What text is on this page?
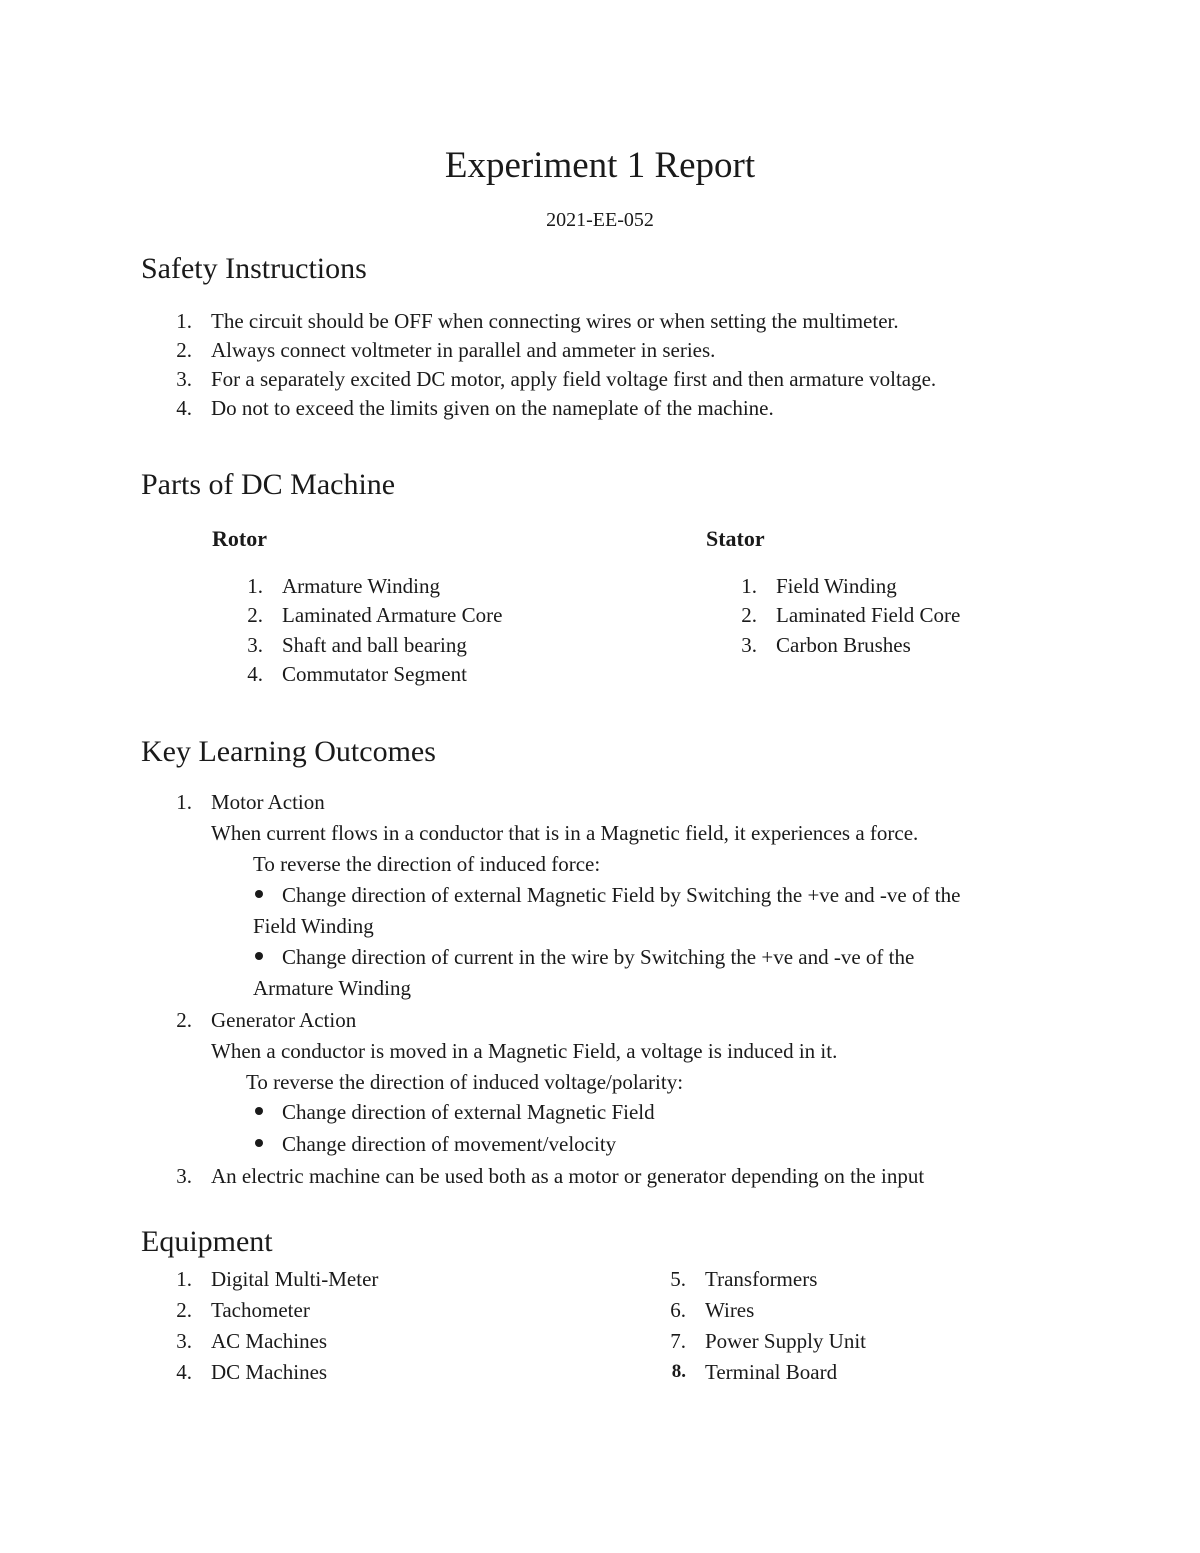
Experiment 1 Report
2021-EE-052
Safety Instructions
1. The circuit should be OFF when connecting wires or when setting the multimeter.
2. Always connect voltmeter in parallel and ammeter in series.
3. For a separately excited DC motor, apply field voltage first and then armature voltage.
4. Do not to exceed the limits given on the nameplate of the machine.
Parts of DC Machine
Rotor	Stator
1. Armature Winding
2. Laminated Armature Core
3. Shaft and ball bearing
4. Commutator Segment
1. Field Winding
2. Laminated Field Core
3. Carbon Brushes
Key Learning Outcomes
1. Motor Action
When current flows in a conductor that is in a Magnetic field, it experiences a force.
To reverse the direction of induced force:
Change direction of external Magnetic Field by Switching the +ve and -ve of the
Field Winding
Change direction of current in the wire by Switching the +ve and -ve of the
Armature Winding
2. Generator Action
When a conductor is moved in a Magnetic Field, a voltage is induced in it.
To reverse the direction of induced voltage/polarity:
Change direction of external Magnetic Field
Change direction of movement/velocity
3. An electric machine can be used both as a motor or generator depending on the input
Equipment
1. Digital Multi-Meter
2. Tachometer
3. AC Machines
4. DC Machines
5. Transformers
6. Wires
7. Power Supply Unit
8. Terminal Board
